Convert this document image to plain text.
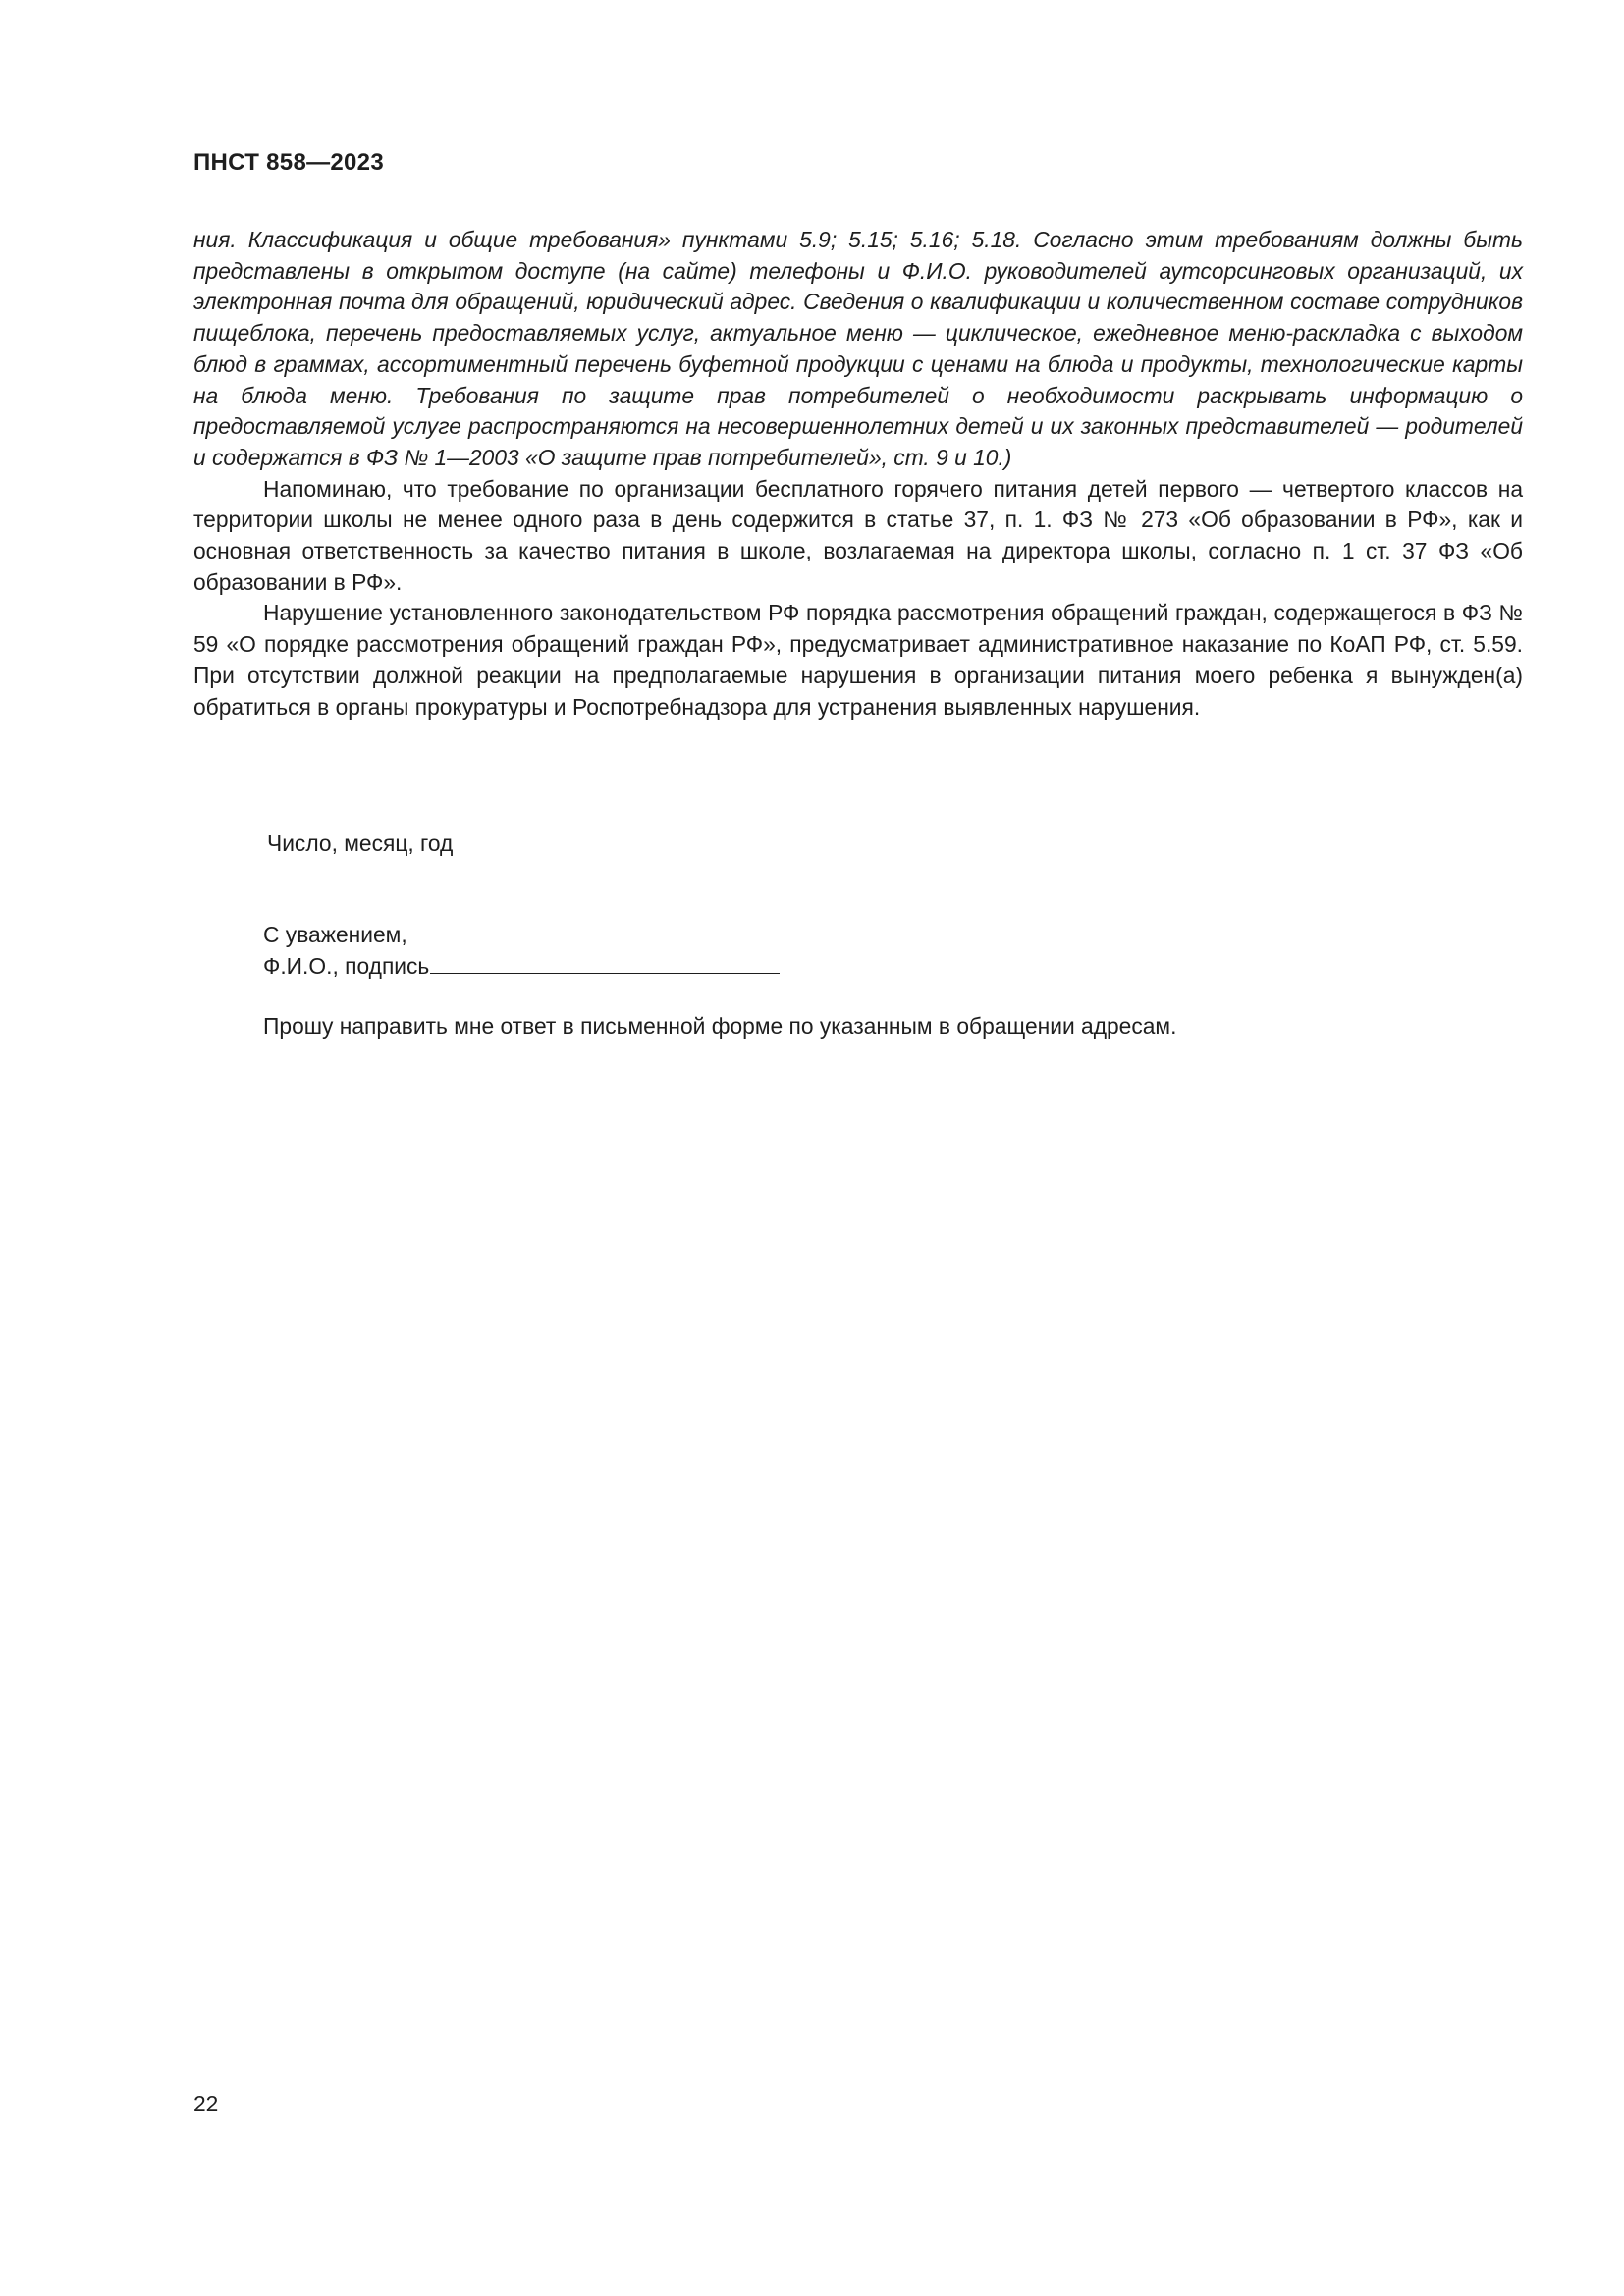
ПНСТ 858—2023

ния. Классификация и общие требования» пунктами 5.9; 5.15; 5.16; 5.18. Согласно этим требованиям должны быть представлены в открытом доступе (на сайте) телефоны и Ф.И.О. руководителей аутсорсинговых организаций, их электронная почта для обращений, юридический адрес. Сведения о квалификации и количественном составе сотрудников пищеблока, перечень предоставляемых услуг, актуальное меню — циклическое, ежедневное меню-раскладка с выходом блюд в граммах, ассортиментный перечень буфетной продукции с ценами на блюда и продукты, технологические карты на блюда меню. Требования по защите прав потребителей о необходимости раскрывать информацию о предоставляемой услуге распространяются на несовершеннолетних детей и их законных представителей — родителей и содержатся в ФЗ № 1—2003 «О защите прав потребителей», ст. 9 и 10.)

Напоминаю, что требование по организации бесплатного горячего питания детей первого — четвертого классов на территории школы не менее одного раза в день содержится в статье 37, п. 1. ФЗ № 273 «Об образовании в РФ», как и основная ответственность за качество питания в школе, возлагаемая на директора школы, согласно п. 1 ст. 37 ФЗ «Об образовании в РФ».

Нарушение установленного законодательством РФ порядка рассмотрения обращений граждан, содержащегося в ФЗ № 59 «О порядке рассмотрения обращений граждан РФ», предусматривает административное наказание по КоАП РФ, ст. 5.59. При отсутствии должной реакции на предполагаемые нарушения в организации питания моего ребенка я вынужден(а) обратиться в органы прокуратуры и Роспотребнадзора для устранения выявленных нарушения.

Число, месяц, год

С уважением,

Ф.И.О., подпись

Прошу направить мне ответ в письменной форме по указанным в обращении адресам.

22
